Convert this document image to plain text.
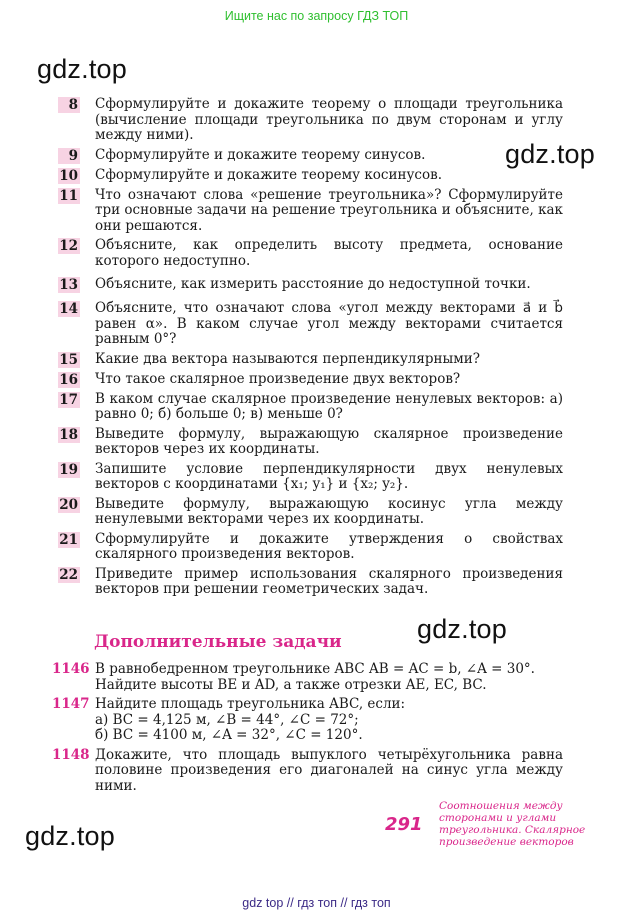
Ищите нас по запросу ГДЗ ТОП
gdz.top
gdz.top
gdz.top
gdz.top
8 Сформулируйте и докажите теорему о площади треугольника (вычисление площади треугольника по двум сторонам и углу между ними).
9 Сформулируйте и докажите теорему синусов.
10 Сформулируйте и докажите теорему косинусов.
11 Что означают слова «решение треугольника»? Сформулируйте три основные задачи на решение треугольника и объясните, как они решаются.
12 Объясните, как определить высоту предмета, основание которого недоступно.
13 Объясните, как измерить расстояние до недоступной точки.
14 Объясните, что означают слова «угол между векторами a⃗ и b⃗ равен α». В каком случае угол между векторами считается равным 0°?
15 Какие два вектора называются перпендикулярными?
16 Что такое скалярное произведение двух векторов?
17 В каком случае скалярное произведение ненулевых векторов: а) равно 0; б) больше 0; в) меньше 0?
18 Выведите формулу, выражающую скалярное произведение векторов через их координаты.
19 Запишите условие перпендикулярности двух ненулевых векторов с координатами {x₁; y₁} и {x₂; y₂}.
20 Выведите формулу, выражающую косинус угла между ненулевыми векторами через их координаты.
21 Сформулируйте и докажите утверждения о свойствах скалярного произведения векторов.
22 Приведите пример использования скалярного произведения векторов при решении геометрических задач.
Дополнительные задачи
1146 В равнобедренном треугольнике ABC AB = AC = b, ∠A = 30°.
Найдите высоты BE и AD, а также отрезки AE, EC, BC.
1147 Найдите площадь треугольника ABC, если:
а) BC = 4,125 м, ∠B = 44°, ∠C = 72°;
б) BC = 4100 м, ∠A = 32°, ∠C = 120°.
1148 Докажите, что площадь выпуклого четырёхугольника равна половине произведения его диагоналей на синус угла между ними.
291
Соотношения между
сторонами и углами
треугольника. Скалярное
произведение векторов
gdz top // гдз топ // гдз топ
